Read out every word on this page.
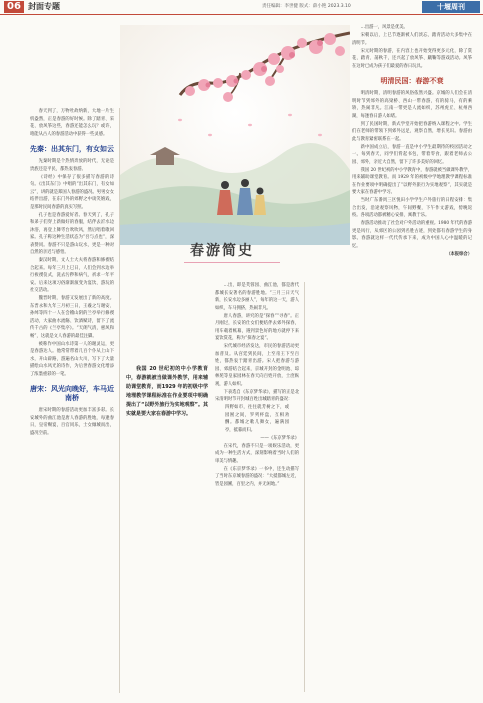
06 封面专题	责任编辑：李世健 版式：薛小艳 2023.3.10	十堰周刊

春天到了，万物吐故纳新，大地一片生机盎然，正是春游的好时候。除了踏青、采花、放风筝这些，春游还能怎么玩？或许，咱能从古人的春游活动中获得一些灵感。

先秦：出其东门，有女如云

先秦时期是个热情奔放的时代，无论是贵族还是平民，都热衷春游。

《诗经》中保存了很多描写春游的诗句。《出其东门》中唱的“出其东门，有女如云”，讲的就是郑国人春游的盛况。男男女女结伴出游，在东门外的郊野之中谈笑嬉戏，是那时民间春游的真实写照。

孔子也是春游爱好者。春天到了，孔子和弟子们穿上新做好的春服，结伴去沂水边沐浴，再登上舞雩台吹吹风，然后唱着歌回家。孔子称这种生活状态为“吾与点也”，深表赞同。春游不只是游山玩水，更是一种对自然的亲近与感悟。

秦汉时期，文人士大夫将春游和修禊结合起来。每年三月上巳日，人们会到水边举行祓禊仪式，洗去污秽和病气，祈求一年平安。后来这项习俗渐渐演变为宴饮、游玩的社交活动。

魏晋时期，春游又发展出了新的高度。东晋永和九年三月初三日，王羲之与谢安、孙绰等四十一人在会稽山阴的兰亭举行修禊活动，大家曲水流觞、饮酒赋诗，留下了流传千古的《兰亭集序》。“天朗气清，惠风和畅”，这就是文人春游的最佳注脚。

被称作中国山水诗第一人的谢灵运，更是春游达人。他常常带着几百个仆从上山下水，开山辟路，游遍名山大川，写下了大量描绘山水风光的诗作，为后世春游文化增添了浓墨重彩的一笔。

唐宋：风光向晚好，车马近南桥

唐宋时期的春游活动更加丰富多彩。长安城外的曲江池是唐人春游的胜地，每逢春日，皇帝赐宴，百官同乐，士女倾城而出，盛况空前。

春游简史

我国 20 世纪初的中小学教育中，春游就被当做课外教学，用来辅助课堂教育，而1929 年的初级中学地理教学课程标准在作业要项中明确提出了“以野外旅行为实地观察”。其实就是要大家在春游中学习。

…出，即是芙蓉园、曲江池，都是唐代都城长安著名的春游胜地。“三月三日天气新，长安水边多丽人”，每年的这一天，游人如织，车马拥挤，热闹非凡。

唐人春游，讲究的是“探春”“寻春”。正月刚过，长安的仕女们便结伴去郊外探春，用车载着帐幕，遇到景色好的地方就停下来宴饮赏花，称为“探春之宴”。

宋代城市经济发达，市民的春游活动更加普及。从宫廷到民间，上至帝王下至百姓，都热衷于踏青出游。宋人把春游与游园、郊游结合起来，京城开封的金明池、琼林苑等皇家园林在春天向百姓开放，士庶纵观，游人如织。

下表选自《东京梦华录》，描写的正是北宋清明时节开封城百姓出城踏青的盛况：

四野如市，往往就芳树之下，或园囿之间，罗列杯盘，互相劝酬。都城之歌儿舞女，遍满园亭，抵暮而归。

——《东京梦华录》

在宋代，春游不只是一项娱乐活动，更成为一种生活方式，深刻影响着当时人们的审美与情趣。

在《东京梦华录》一书中，还生动描写了当时东京城春游的盛况：“大抵都城左近，皆是园圃，百里之内，并无闲地。”

…出游一，风景是优美。

宋朝以后，上巳节逐渐被人们淡忘，踏青活动大多集中在清明节。

宋元时期的春游，在内容上也开始变得更多元化，除了赏花、踏青、荡秋千，还兴起了放风筝、蹴鞠等游戏活动。风筝在这时已成为孩子们最爱的春日玩具。

明清民国：春游不衰

明清时期，清明春游的风俗依然兴盛。京城的人们会在清明时节到郊外的高梁桥、西山一带春游，有的骑马，有的乘轿，热闹非凡。江南一带更是人流如织，苏州虎丘、杭州西湖，每逢春日游人如堵。

到了民国时期，新式学堂开始把春游纳入课程之中。学生们在老师的带领下到郊外远足，观察自然，增长见识。春游由此与教育紧密联系在一起。

新中国成立后，春游一直是中小学生最期待的校园活动之一。每到春天，同学们背起书包，带着零食，跟着老师去公园、郊外，亲近大自然，留下了许多美好的回忆。

我国 20 世纪初的中小学教育中，春游就被当做课外教学，用来辅助课堂教育。而 1929 年的初级中学地理教学课程标准在作业要项中明确提出了“以野外旅行为实地观察”，其实就是要大家在春游中学习。

当时广东番禺三区悦田小学学生户外旅行的日程安排：集合出发，沿途观察风物，午间野餐，下午作文游戏，傍晚返校。各项活动都被精心安排，寓教于乐。

春游活动推动了社会对户外活动的重视。1980 年代的春游更是风行，从郊区的公园到名胜古迹，到处都有春游学生的身影。春游就这样一代代传承下来，成为中国人心中温暖的记忆。

（本报综合）
